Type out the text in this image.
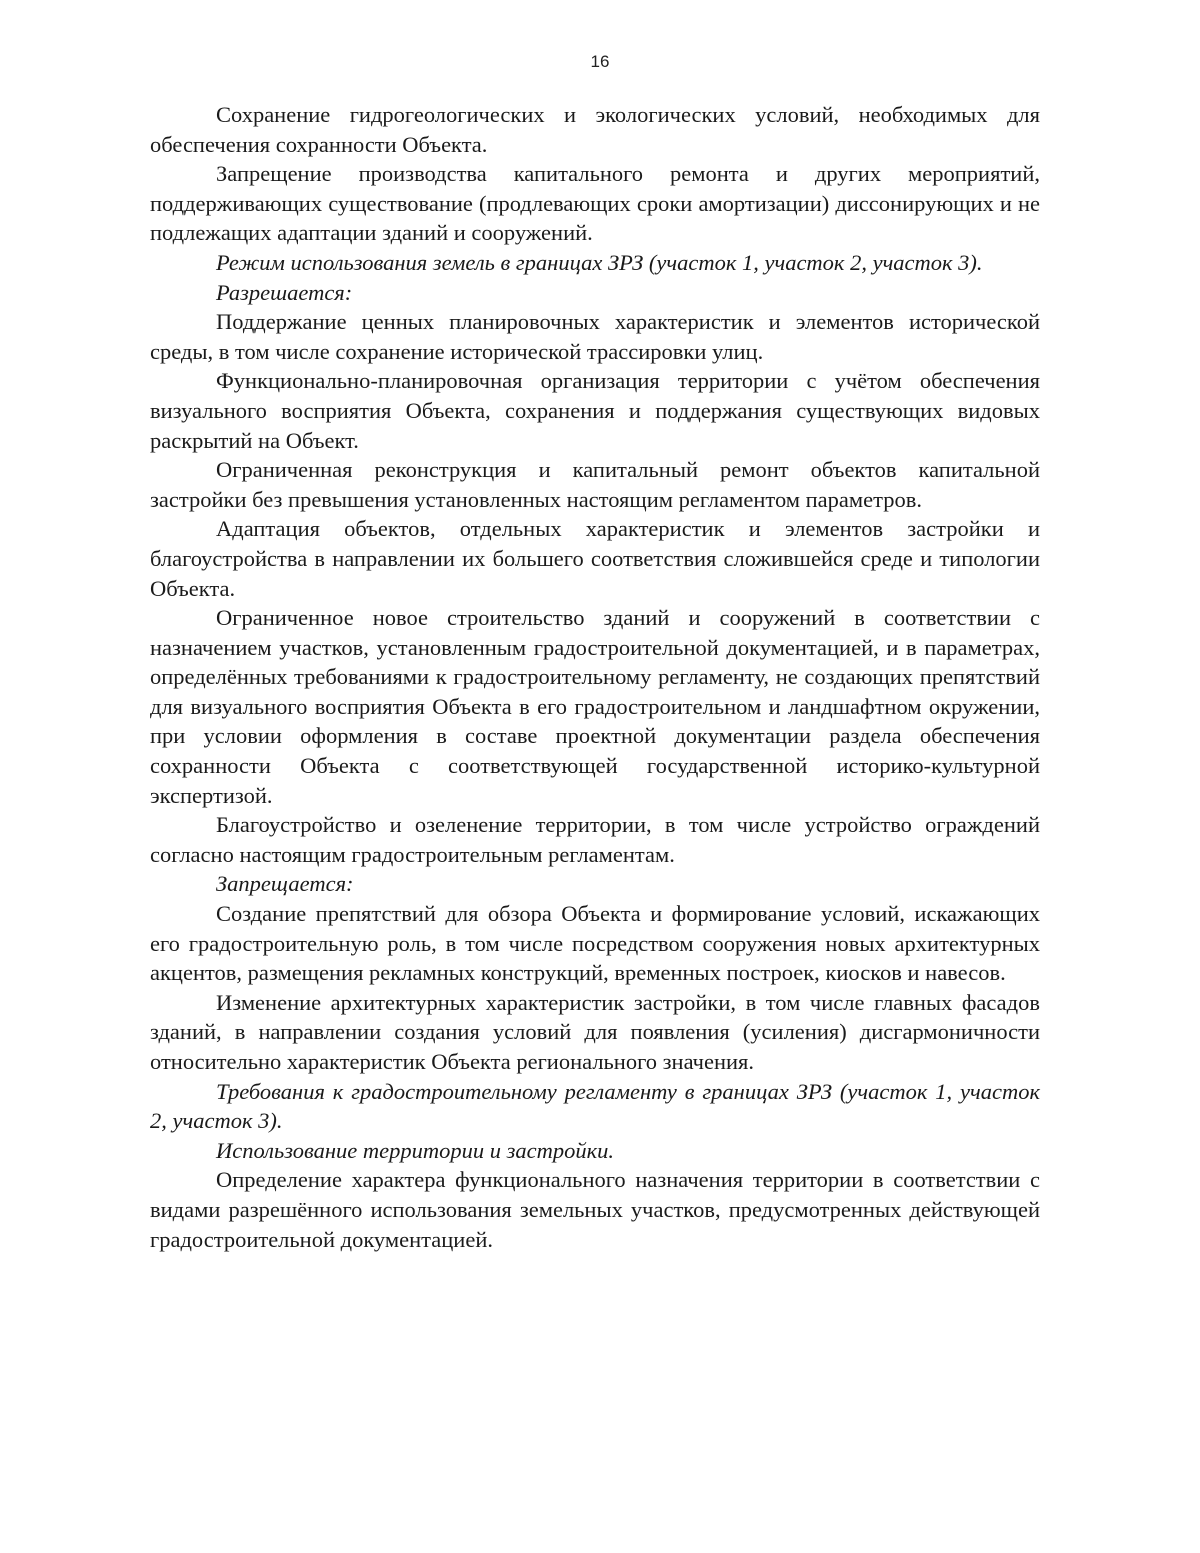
16

Сохранение гидрогеологических и экологических условий, необходимых для обеспечения сохранности Объекта.

Запрещение производства капитального ремонта и других мероприятий, поддерживающих существование (продлевающих сроки амортизации) диссонирующих и не подлежащих адаптации зданий и сооружений.

Режим использования земель в границах ЗРЗ (участок 1, участок 2, участок 3).

Разрешается:

Поддержание ценных планировочных характеристик и элементов исторической среды, в том числе сохранение исторической трассировки улиц.

Функционально-планировочная организация территории с учётом обеспечения визуального восприятия Объекта, сохранения и поддержания существующих видовых раскрытий на Объект.

Ограниченная реконструкция и капитальный ремонт объектов капитальной застройки без превышения установленных настоящим регламентом параметров.

Адаптация объектов, отдельных характеристик и элементов застройки и благоустройства в направлении их большего соответствия сложившейся среде и типологии Объекта.

Ограниченное новое строительство зданий и сооружений в соответствии с назначением участков, установленным градостроительной документацией, и в параметрах, определённых требованиями к градостроительному регламенту, не создающих препятствий для визуального восприятия Объекта в его градостроительном и ландшафтном окружении, при условии оформления в составе проектной документации раздела обеспечения сохранности Объекта с соответствующей государственной историко-культурной экспертизой.

Благоустройство и озеленение территории, в том числе устройство ограждений согласно настоящим градостроительным регламентам.

Запрещается:

Создание препятствий для обзора Объекта и формирование условий, искажающих его градостроительную роль, в том числе посредством сооружения новых архитектурных акцентов, размещения рекламных конструкций, временных построек, киосков и навесов.

Изменение архитектурных характеристик застройки, в том числе главных фасадов зданий, в направлении создания условий для появления (усиления) дисгармоничности относительно характеристик Объекта регионального значения.

Требования к градостроительному регламенту в границах ЗРЗ (участок 1, участок 2, участок 3).

Использование территории и застройки.

Определение характера функционального назначения территории в соответствии с видами разрешённого использования земельных участков, предусмотренных действующей градостроительной документацией.
